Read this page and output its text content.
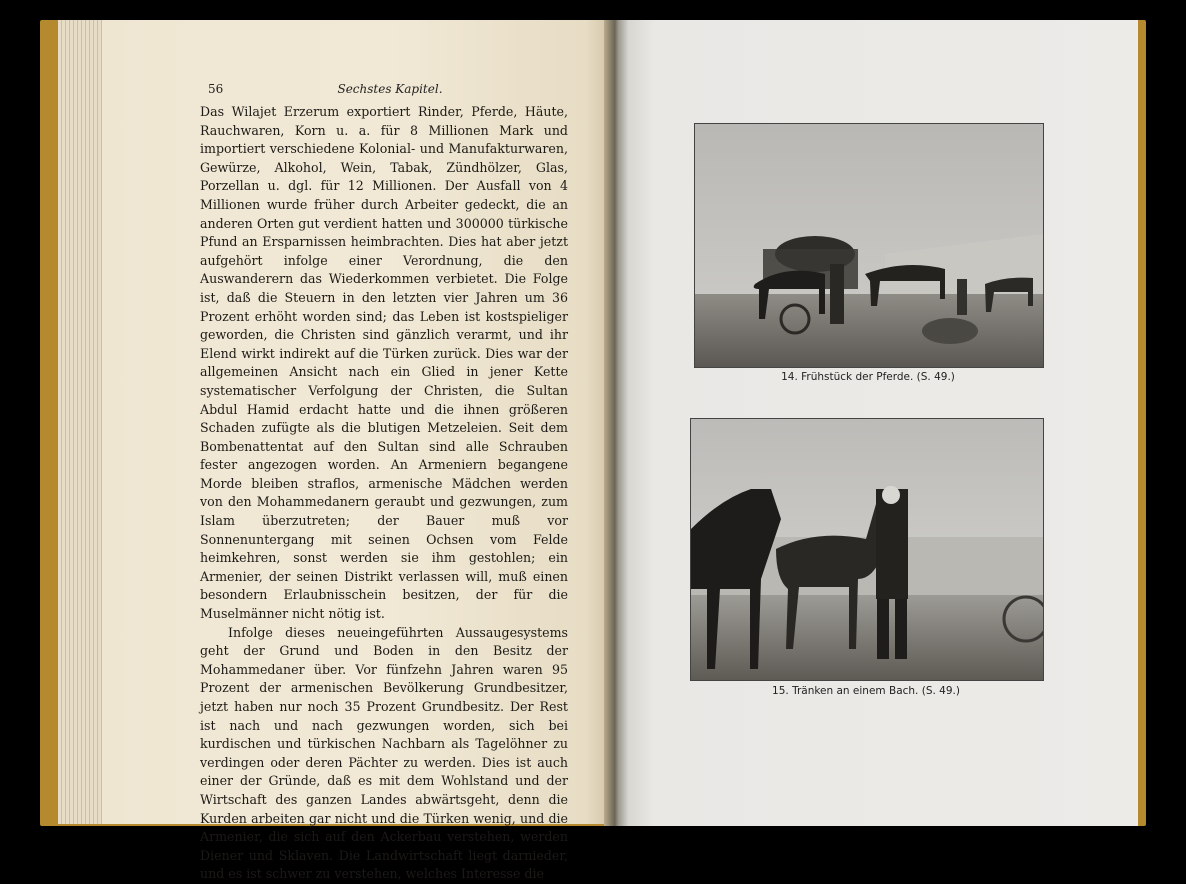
56	Sechstes Kapitel.

Das Wilajet Erzerum exportiert Rinder, Pferde, Häute, Rauchwaren, Korn u. a. für 8 Millionen Mark und importiert verschiedene Kolonial- und Manufakturwaren, Gewürze, Alkohol, Wein, Tabak, Zündhölzer, Glas, Porzellan u. dgl. für 12 Millionen. Der Ausfall von 4 Millionen wurde früher durch Arbeiter gedeckt, die an anderen Orten gut verdient hatten und 300000 türkische Pfund an Ersparnissen heimbrachten. Dies hat aber jetzt aufgehört infolge einer Verordnung, die den Auswanderern das Wiederkommen verbietet. Die Folge ist, daß die Steuern in den letzten vier Jahren um 36 Prozent erhöht worden sind; das Leben ist kostspieliger geworden, die Christen sind gänzlich verarmt, und ihr Elend wirkt indirekt auf die Türken zurück. Dies war der allgemeinen Ansicht nach ein Glied in jener Kette systematischer Verfolgung der Christen, die Sultan Abdul Hamid erdacht hatte und die ihnen größeren Schaden zufügte als die blutigen Metzeleien. Seit dem Bombenattentat auf den Sultan sind alle Schrauben fester angezogen worden. An Armeniern begangene Morde bleiben straflos, armenische Mädchen werden von den Mohammedanern geraubt und gezwungen, zum Islam überzutreten; der Bauer muß vor Sonnenuntergang mit seinen Ochsen vom Felde heimkehren, sonst werden sie ihm gestohlen; ein Armenier, der seinen Distrikt verlassen will, muß einen besondern Erlaubnisschein besitzen, der für die Muselmänner nicht nötig ist.

Infolge dieses neueingeführten Aussaugesystems geht der Grund und Boden in den Besitz der Mohammedaner über. Vor fünfzehn Jahren waren 95 Prozent der armenischen Bevölkerung Grundbesitzer, jetzt haben nur noch 35 Prozent Grundbesitz. Der Rest ist nach und nach gezwungen worden, sich bei kurdischen und türkischen Nachbarn als Tagelöhner zu verdingen oder deren Pächter zu werden. Dies ist auch einer der Gründe, daß es mit dem Wohlstand und der Wirtschaft des ganzen Landes abwärtsgeht, denn die Kurden arbeiten gar nicht und die Türken wenig, und die Armenier, die sich auf den Ackerbau verstehen, werden Diener und Sklaven. Die Landwirtschaft liegt darnieder, und es ist schwer zu verstehen, welches Interesse die

14. Frühstück der Pferde. (S. 49.)
15. Tränken an einem Bach. (S. 49.)
